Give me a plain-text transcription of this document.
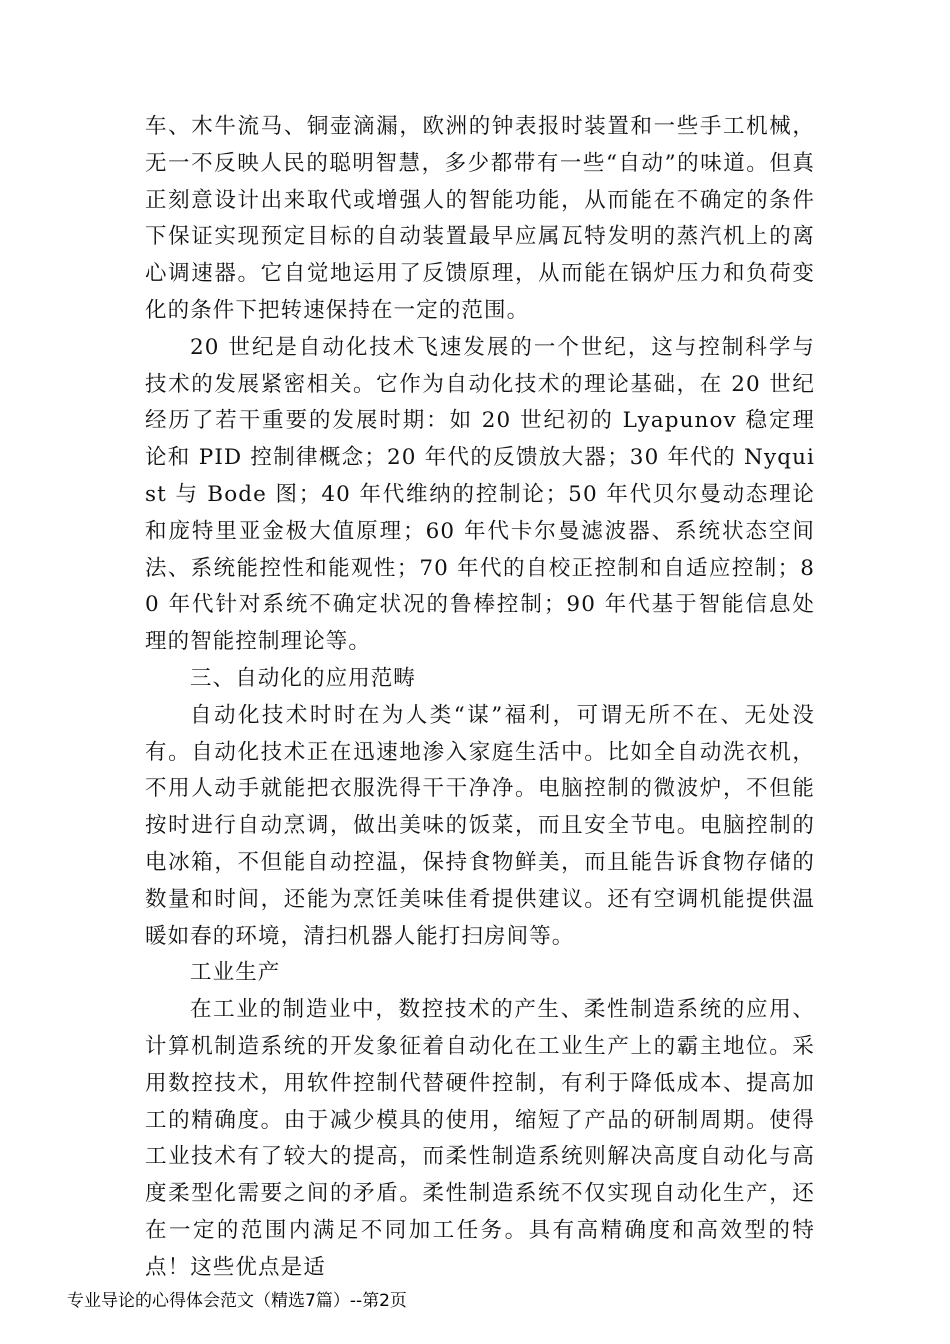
车、木牛流马、铜壶滴漏，欧洲的钟表报时装置和一些手工机械，无一不反映人民的聪明智慧，多少都带有一些“自动”的味道。但真正刻意设计出来取代或增强人的智能功能，从而能在不确定的条件下保证实现预定目标的自动装置最早应属瓦特发明的蒸汽机上的离心调速器。它自觉地运用了反馈原理，从而能在锅炉压力和负荷变化的条件下把转速保持在一定的范围。

20 世纪是自动化技术飞速发展的一个世纪，这与控制科学与技术的发展紧密相关。它作为自动化技术的理论基础，在 20 世纪经历了若干重要的发展时期：如 20 世纪初的 Lyapunov 稳定理论和 PID 控制律概念；20 年代的反馈放大器；30 年代的 Nyquist 与 Bode 图；40 年代维纳的控制论；50 年代贝尔曼动态理论和庞特里亚金极大值原理；60 年代卡尔曼滤波器、系统状态空间法、系统能控性和能观性；70 年代的自校正控制和自适应控制；80 年代针对系统不确定状况的鲁棒控制；90 年代基于智能信息处理的智能控制理论等。

三、自动化的应用范畴

自动化技术时时在为人类“谋”福利，可谓无所不在、无处没有。自动化技术正在迅速地渗入家庭生活中。比如全自动洗衣机，不用人动手就能把衣服洗得干干净净。电脑控制的微波炉，不但能按时进行自动烹调，做出美味的饭菜，而且安全节电。电脑控制的电冰箱，不但能自动控温，保持食物鲜美，而且能告诉食物存储的数量和时间，还能为烹饪美味佳肴提供建议。还有空调机能提供温暖如春的环境，清扫机器人能打扫房间等。

工业生产

在工业的制造业中，数控技术的产生、柔性制造系统的应用、计算机制造系统的开发象征着自动化在工业生产上的霸主地位。采用数控技术，用软件控制代替硬件控制，有利于降低成本、提高加工的精确度。由于减少模具的使用，缩短了产品的研制周期。使得工业技术有了较大的提高，而柔性制造系统则解决高度自动化与高度柔型化需要之间的矛盾。柔性制造系统不仅实现自动化生产，还在一定的范围内满足不同加工任务。具有高精确度和高效型的特点！这些优点是适

专业导论的心得体会范文（精选7篇）--第2页
